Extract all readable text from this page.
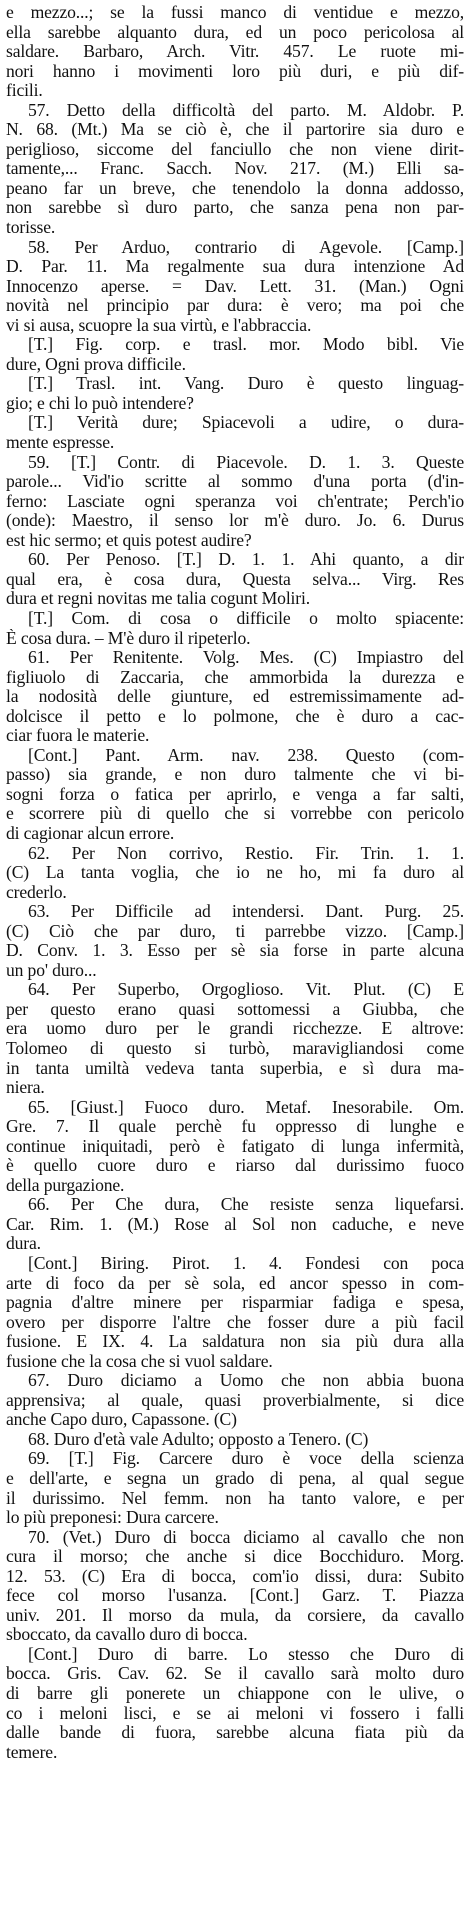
e mezzo...; se la fussi manco di ventidue e mezzo,
ella sarebbe alquanto dura, ed un poco pericolosa al
saldare. Barbaro, Arch. Vitr. 457. Le ruote mi-
nori hanno i movimenti loro più duri, e più dif-
ficili.
57. Detto della difficoltà del parto. M. Aldobr. P.
N. 68. (Mt.) Ma se ciò è, che il partorire sia duro e
periglioso, siccome del fanciullo che non viene dirit-
tamente,... Franc. Sacch. Nov. 217. (M.) Elli sa-
peano far un breve, che tenendolo la donna addosso,
non sarebbe sì duro parto, che sanza pena non par-
torisse.
58. Per Arduo, contrario di Agevole. [Camp.]
D. Par. 11. Ma regalmente sua dura intenzione Ad
Innocenzo aperse. = Dav. Lett. 31. (Man.) Ogni
novità nel principio par dura: è vero; ma poi che
vi si ausa, scuopre la sua virtù, e l'abbraccia.
[T.] Fig. corp. e trasl. mor. Modo bibl. Vie
dure, Ogni prova difficile.
[T.] Trasl. int. Vang. Duro è questo linguag-
gio; e chi lo può intendere?
[T.] Verità dure; Spiacevoli a udire, o dura-
mente espresse.
59. [T.] Contr. di Piacevole. D. 1. 3. Queste
parole... Vid'io scritte al sommo d'una porta (d'in-
ferno: Lasciate ogni speranza voi ch'entrate; Perch'io
(onde): Maestro, il senso lor m'è duro. Jo. 6. Durus
est hic sermo; et quis potest audire?
60. Per Penoso. [T.] D. 1. 1. Ahi quanto, a dir
qual era, è cosa dura, Questa selva... Virg. Res
dura et regni novitas me talia cogunt Moliri.
[T.] Com. di cosa o difficile o molto spiacente:
È cosa dura. – M'è duro il ripeterlo.
61. Per Renitente. Volg. Mes. (C) Impiastro del
figliuolo di Zaccaria, che ammorbida la durezza e
la nodosità delle giunture, ed estremissimamente ad-
dolcisce il petto e lo polmone, che è duro a cac-
ciar fuora le materie.
[Cont.] Pant. Arm. nav. 238. Questo (com-
passo) sia grande, e non duro talmente che vi bi-
sogni forza o fatica per aprirlo, e venga a far salti,
e scorrere più di quello che si vorrebbe con pericolo
di cagionar alcun errore.
62. Per Non corrivo, Restio. Fir. Trin. 1. 1.
(C) La tanta voglia, che io ne ho, mi fa duro al
crederlo.
63. Per Difficile ad intendersi. Dant. Purg. 25.
(C) Ciò che par duro, ti parrebbe vizzo. [Camp.]
D. Conv. 1. 3. Esso per sè sia forse in parte alcuna
un po' duro...
64. Per Superbo, Orgoglioso. Vit. Plut. (C) E
per questo erano quasi sottomessi a Giubba, che
era uomo duro per le grandi ricchezze. E altrove:
Tolomeo di questo si turbò, maravigliandosi come
in tanta umiltà vedeva tanta superbia, e sì dura ma-
niera.
65. [Giust.] Fuoco duro. Metaf. Inesorabile. Om.
Gre. 7. Il quale perchè fu oppresso di lunghe e
continue iniquitadi, però è fatigato di lunga infermità,
è quello cuore duro e riarso dal durissimo fuoco
della purgazione.
66. Per Che dura, Che resiste senza liquefarsi.
Car. Rim. 1. (M.) Rose al Sol non caduche, e neve
dura.
[Cont.] Biring. Pirot. 1. 4. Fondesi con poca
arte di foco da per sè sola, ed ancor spesso in com-
pagnia d'altre minere per risparmiar fadiga e spesa,
overo per disporre l'altre che fosser dure a più facil
fusione. E IX. 4. La saldatura non sia più dura alla
fusione che la cosa che si vuol saldare.
67. Duro diciamo a Uomo che non abbia buona
apprensiva; al quale, quasi proverbialmente, si dice
anche Capo duro, Capassone. (C)
68. Duro d'età vale Adulto; opposto a Tenero. (C)
69. [T.] Fig. Carcere duro è voce della scienza
e dell'arte, e segna un grado di pena, al qual segue
il durissimo. Nel femm. non ha tanto valore, e per
lo più preponesi: Dura carcere.
70. (Vet.) Duro di bocca diciamo al cavallo che non
cura il morso; che anche si dice Bocchiduro. Morg.
12. 53. (C) Era di bocca, com'io dissi, dura: Subito
fece col morso l'usanza. [Cont.] Garz. T. Piazza
univ. 201. Il morso da mula, da corsiere, da cavallo
sboccato, da cavallo duro di bocca.
[Cont.] Duro di barre. Lo stesso che Duro di
bocca. Gris. Cav. 62. Se il cavallo sarà molto duro
di barre gli ponerete un chiappone con le ulive, o
co i meloni lisci, e se ai meloni vi fossero i falli
dalle bande di fuora, sarebbe alcuna fiata più da
temere.
